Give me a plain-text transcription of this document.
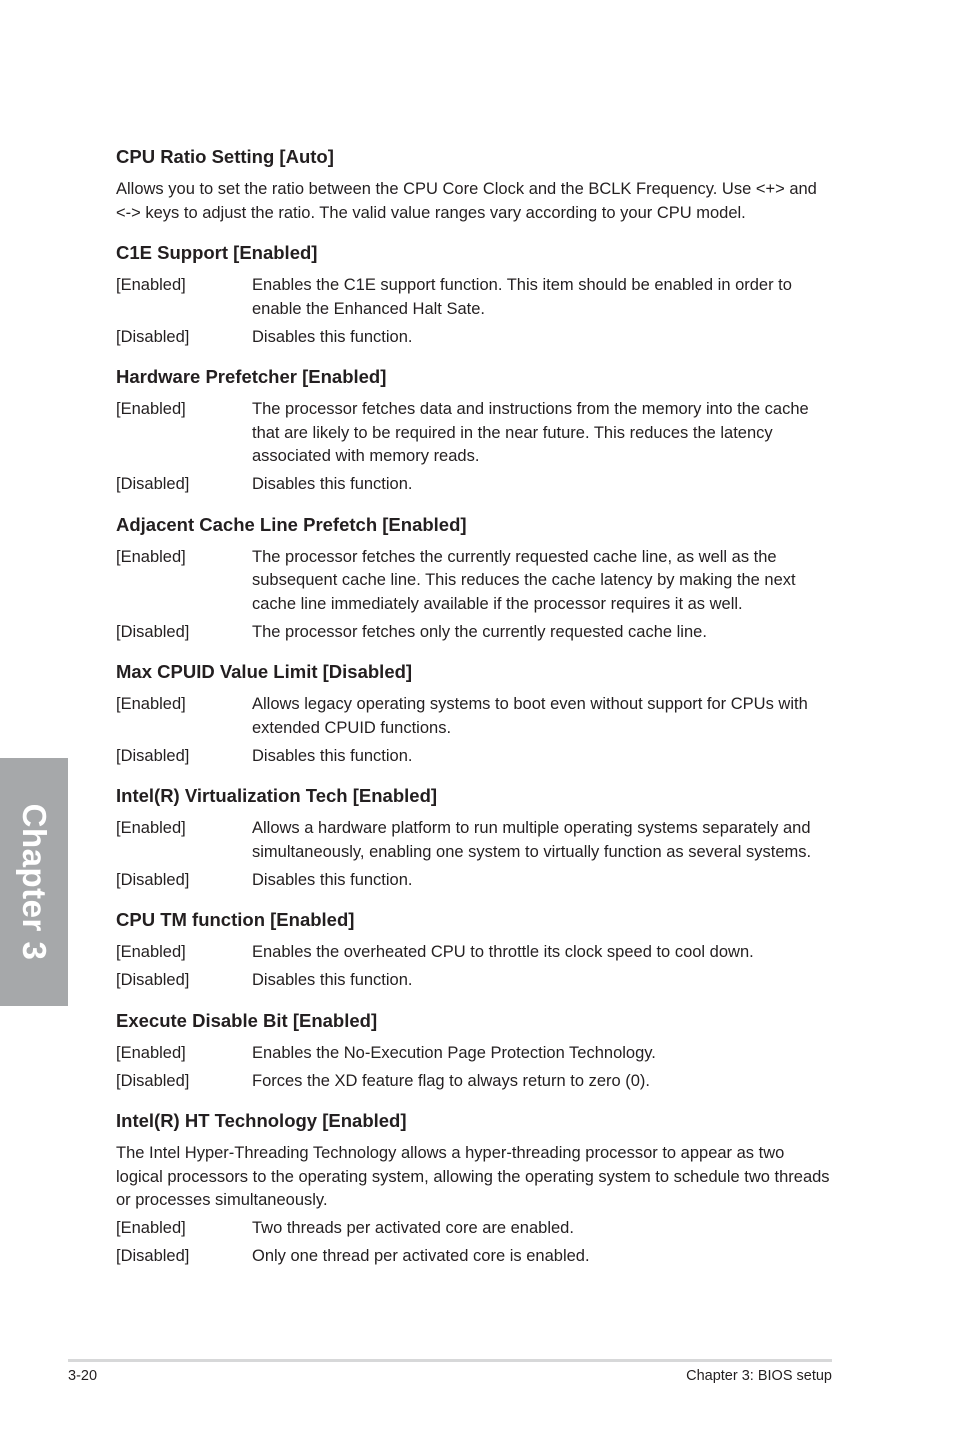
Chapter 3
CPU Ratio Setting [Auto]

Allows you to set the ratio between the CPU Core Clock and the BCLK Frequency. Use <+> and <-> keys to adjust the ratio. The valid value ranges vary according to your CPU model.

C1E Support [Enabled]
[Enabled]	Enables the C1E support function. This item should be enabled in order to enable the Enhanced Halt Sate.
[Disabled]	Disables this function.
Hardware Prefetcher [Enabled]
[Enabled]	The processor fetches data and instructions from the memory into the cache that are likely to be required in the near future. This reduces the latency associated with memory reads.
[Disabled]	Disables this function.
Adjacent Cache Line Prefetch [Enabled]
[Enabled]	The processor fetches the currently requested cache line, as well as the subsequent cache line. This reduces the cache latency by making the next cache line immediately available if the processor requires it as well.
[Disabled]	The processor fetches only the currently requested cache line.
Max CPUID Value Limit [Disabled]
[Enabled]	Allows legacy operating systems to boot even without support for CPUs with extended CPUID functions.
[Disabled]	Disables this function.
Intel(R) Virtualization Tech [Enabled]
[Enabled]	Allows a hardware platform to run multiple operating systems separately and simultaneously, enabling one system to virtually function as several systems.
[Disabled]	Disables this function.
CPU TM function [Enabled]
[Enabled]	Enables the overheated CPU to throttle its clock speed to cool down.
[Disabled]	Disables this function.
Execute Disable Bit [Enabled]
[Enabled]	Enables the No-Execution Page Protection Technology.
[Disabled]	Forces the XD feature flag to always return to zero (0).
Intel(R) HT Technology [Enabled]

The Intel Hyper-Threading Technology allows a hyper-threading processor to appear as two logical processors to the operating system, allowing the operating system to schedule two threads or processes simultaneously.

[Enabled]	Two threads per activated core are enabled.
[Disabled]	Only one thread per activated core is enabled.
3-20	Chapter 3: BIOS setup
